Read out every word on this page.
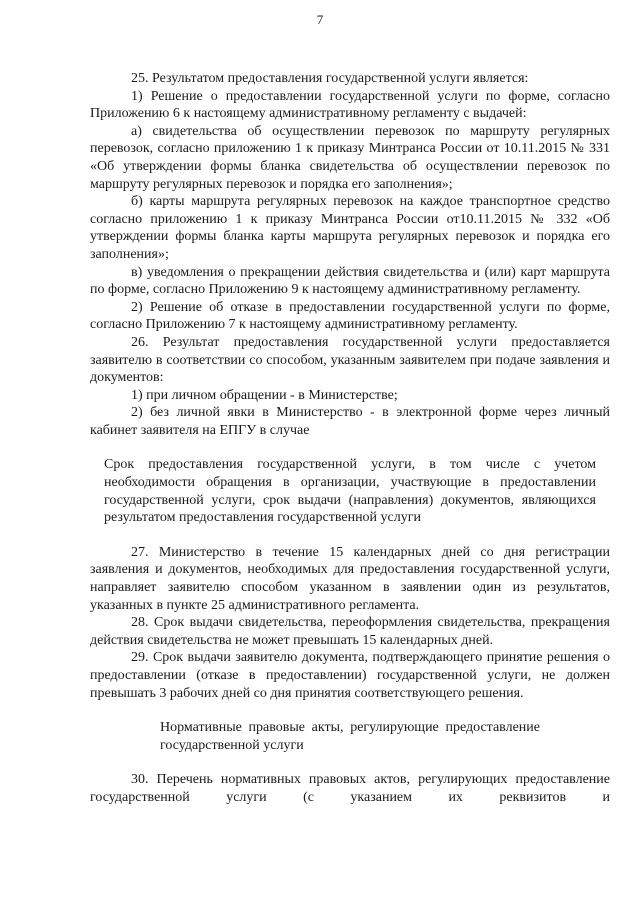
7

25. Результатом предоставления государственной услуги является:

1) Решение о предоставлении государственной услуги по форме, согласно Приложению 6 к настоящему административному регламенту с выдачей:

а) свидетельства об осуществлении перевозок по маршруту регулярных перевозок, согласно приложению 1 к приказу Минтранса России от 10.11.2015 № 331 «Об утверждении формы бланка свидетельства об осуществлении перевозок по маршруту регулярных перевозок и порядка его заполнения»;

б) карты маршрута регулярных перевозок на каждое транспортное средство согласно приложению 1 к приказу Минтранса России от10.11.2015 № 332 «Об утверждении формы бланка карты маршрута регулярных перевозок и порядка его заполнения»;

в) уведомления о прекращении действия свидетельства и (или) карт маршрута по форме, согласно Приложению 9 к настоящему административному регламенту.

2) Решение об отказе в предоставлении государственной услуги по форме, согласно Приложению 7 к настоящему административному регламенту.

26. Результат предоставления государственной услуги предоставляется заявителю в соответствии со способом, указанным заявителем при подаче заявления и документов:

1) при личном обращении - в Министерстве;

2) без личной явки в Министерство - в электронной форме через личный кабинет заявителя на ЕПГУ в случае

Срок предоставления государственной услуги, в том числе с учетом необходимости обращения в организации, участвующие в предоставлении государственной услуги, срок выдачи (направления) документов, являющихся результатом предоставления государственной услуги

27. Министерство в течение 15 календарных дней со дня регистрации заявления и документов, необходимых для предоставления государственной услуги, направляет заявителю способом указанном в заявлении один из результатов, указанных в пункте 25 административного регламента.

28. Срок выдачи свидетельства, переоформления свидетельства, прекращения действия свидетельства не может превышать 15 календарных дней.

29. Срок выдачи заявителю документа, подтверждающего принятие решения о предоставлении (отказе в предоставлении) государственной услуги, не должен превышать 3 рабочих дней со дня принятия соответствующего решения.

Нормативные правовые акты, регулирующие предоставление государственной услуги

30. Перечень нормативных правовых актов, регулирующих предоставление государственной услуги (с указанием их реквизитов и
